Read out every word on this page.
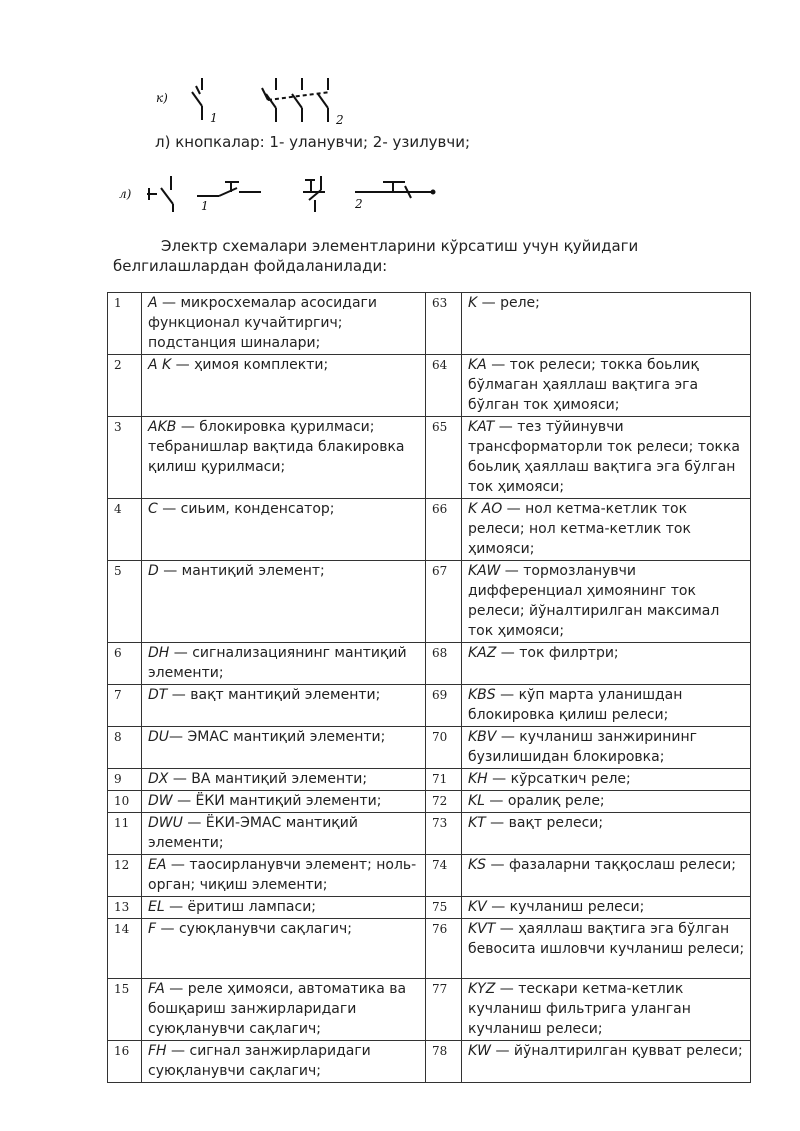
к)
1	2
л) кнопкалар: 1- уланувчи; 2- узилувчи;
л)
1	2
Электр схемалари элементларини кўрсатиш учун қуйидаги белгилашлардан фойдаланилади:
1	A — микросхемалар асосидаги функционал кучайтиргич; подстанция шиналари;	63	K — реле;
2	A K — ҳимоя комплекти;	64	KA — ток релеси; токка боьлиқ бўлмаган ҳаяллаш вақтига эга бўлган ток ҳимояси;
3	AKB — блокировка қурилмаси; тебранишлар вақтида блакировка қилиш қурилмаси;	65	KAT — тез тўйинувчи трансформаторли ток релеси; токка боьлиқ ҳаяллаш вақтига эга бўлган ток ҳимояси;
4	C — сиьим, конденсатор;	66	K AO — нол кетма-кетлик ток релеси; нол кетма-кетлик ток ҳимояси;
5	D — мантиқий элемент;	67	KAW — тормозланувчи дифференциал ҳимоянинг ток релеси; йўналтирилган максимал ток ҳимояси;
6	DH — сигнализациянинг мантиқий элементи;	68	KAZ — ток филртри;
7	DT — вақт мантиқий элементи;	69	KBS — кўп марта уланишдан блокировка қилиш релеси;
8	DU— ЭМАС мантиқий элементи;	70	KBV — кучланиш занжирининг бузилишидан блокировка;
9	DX — ВА мантиқий элементи;	71	KH — кўрсаткич реле;
10	DW — ЁКИ мантиқий элементи;	72	KL — оралиқ реле;
11	DWU — ЁКИ-ЭМАС мантиқий элементи;	73	KT — вақт релеси;
12	EA — таосирланувчи элемент; ноль-орган; чиқиш элементи;	74	KS — фазаларни таққослаш релеси;
13	EL — ёритиш лампаси;	75	KV — кучланиш релеси;
14	F — суюқланувчи сақлагич;	76	KVT — ҳаяллаш вақтига эга бўлган бевосита ишловчи кучланиш релеси;
15	FA — реле ҳимояси, автоматика ва бошқариш занжирларидаги суюқланувчи сақлагич;	77	KYZ — тескари кетма-кетлик кучланиш фильтрига уланган кучланиш релеси;
16	FH — сигнал занжирларидаги суюқланувчи сақлагич;	78	KW — йўналтирилган қувват релеси;
